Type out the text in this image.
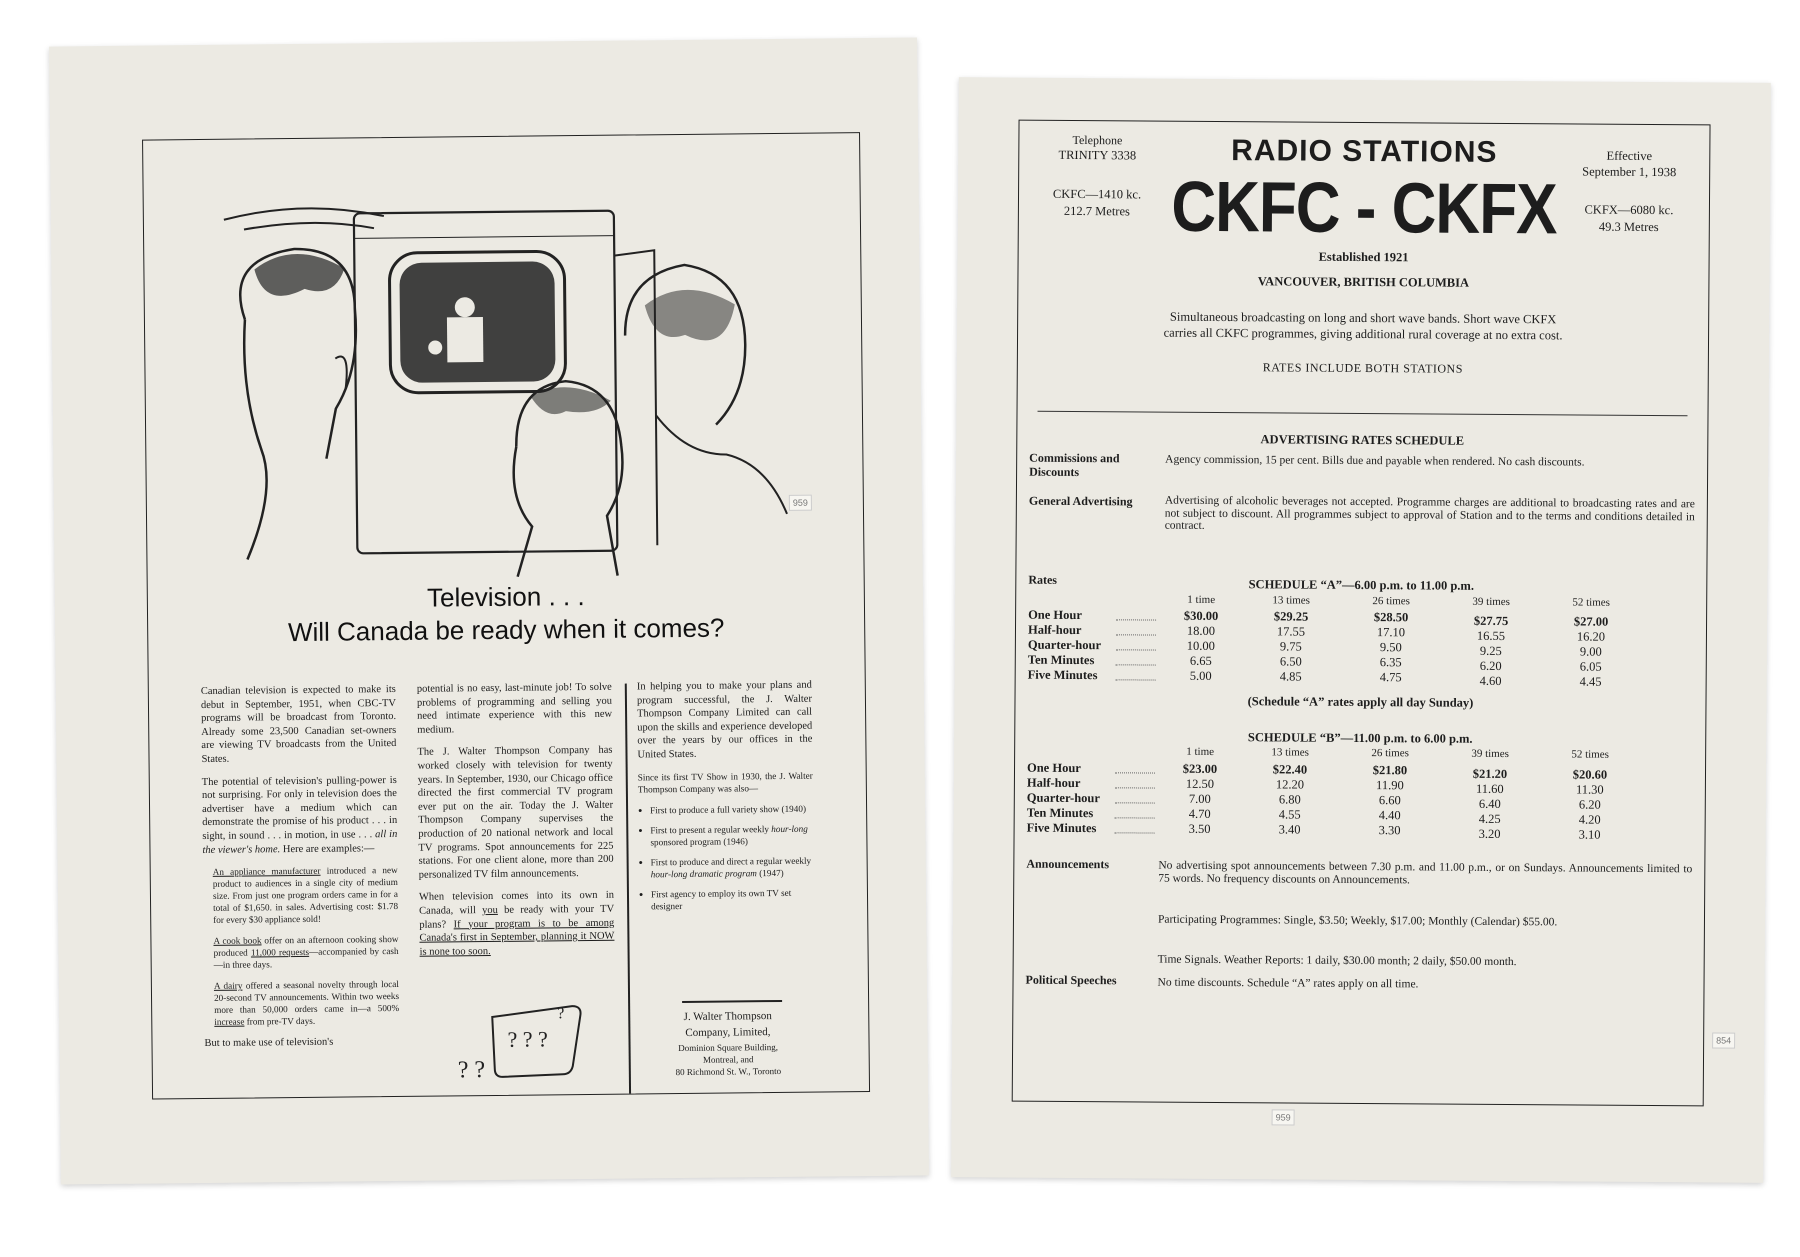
959
Television . . .
Will Canada be ready when it comes?

Canadian television is expected to make its debut in September, 1951, when CBC-TV programs will be broadcast from Toronto. Already some 23,500 Canadian set-owners are viewing TV broadcasts from the United States.

The potential of television's pulling-power is not surprising. For only in television does the advertiser have a medium which can demonstrate the promise of his product . . . in sight, in sound . . . in motion, in use . . . all in the viewer's home. Here are examples:—

An appliance manufacturer introduced a new product to audiences in a single city of medium size. From just one program orders came in for a total of $1,650. in sales. Advertising cost: $1.78 for every $30 appliance sold!

A cook book offer on an afternoon cooking show produced 11,000 requests—accompanied by cash—in three days.

A dairy offered a seasonal novelty through local 20-second TV announcements. Within two weeks more than 50,000 orders came in—a 500% increase from pre-TV days.

But to make use of television's

potential is no easy, last-minute job! To solve problems of programming and selling you need intimate experience with this new medium.

The J. Walter Thompson Company has worked closely with television for twenty years. In September, 1930, our Chicago office directed the first commercial TV program ever put on the air. Today the J. Walter Thompson Company supervises the production of 20 national network and local TV programs. Spot announcements for 225 stations. For one client alone, more than 200 personalized TV film announcements.

When television comes into its own in Canada, will you be ready with your TV plans? If your program is to be among Canada's first in September, planning it NOW is none too soon.

In helping you to make your plans and program successful, the J. Walter Thompson Company Limited can call upon the skills and experience developed over the years by our offices in the United States.

Since its first TV Show in 1930, the J. Walter Thompson Company was also—

● First to produce a full variety show (1940)
● First to present a regular weekly hour-long sponsored program (1946)
● First to produce and direct a regular weekly hour-long dramatic program (1947)
● First agency to employ its own TV set designer
J. Walter Thompson
Company, Limited,
Dominion Square Building,
Montreal, and
80 Richmond St. W., Toronto
? ? ?
?
? ?
854
959
Telephone
TRINITY 3338	RADIO STATIONS
CKFC - CKFX
Effective
September 1, 1938
CKFC—1410 kc.
212.7 Metres	CKFX—6080 kc.
49.3 Metres
Established 1921
VANCOUVER, BRITISH COLUMBIA
Simultaneous broadcasting on long and short wave bands. Short wave CKFX
carries all CKFC programmes, giving additional rural coverage at no extra cost.
RATES INCLUDE BOTH STATIONS
ADVERTISING RATES SCHEDULE
Commissions and
Discounts
Agency commission, 15 per cent. Bills due and payable when rendered. No cash discounts.
General Advertising	Advertising of alcoholic beverages not accepted. Programme charges are additional to broadcasting rates and are not subject to discount. All programmes subject to approval of Station and to the terms and conditions detailed in contract.
Rates	SCHEDULE “A”—6.00 p.m. to 11.00 p.m.
(Schedule “A” rates apply all day Sunday)
SCHEDULE “B”—11.00 p.m. to 6.00 p.m.
Announcements	No advertising spot announcements between 7.30 p.m. and 11.00 p.m., or on Sundays. Announcements limited to 75 words. No frequency discounts on Announcements.
Participating Programmes: Single, $3.50; Weekly, $17.00; Monthly (Calendar) $55.00.
Time Signals. Weather Reports: 1 daily, $30.00 month; 2 daily, $50.00 month.
Political Speeches	No time discounts. Schedule “A” rates apply on all time.
1 time	13 times	26 times	39 times	52 times
One Hour	$30.00	$29.25	$28.50	$27.75	$27.00
Half-hour	18.00	17.55	17.10	16.55	16.20
Quarter-hour	10.00	9.75	9.50	9.25	9.00
Ten Minutes	6.65	6.50	6.35	6.20	6.05
Five Minutes	5.00	4.85	4.75	4.60	4.45
1 time	13 times	26 times	39 times	52 times
One Hour	$23.00	$22.40	$21.80	$21.20	$20.60
Half-hour	12.50	12.20	11.90	11.60	11.30
Quarter-hour	7.00	6.80	6.60	6.40	6.20
Ten Minutes	4.70	4.55	4.40	4.25	4.20
Five Minutes	3.50	3.40	3.30	3.20	3.10
